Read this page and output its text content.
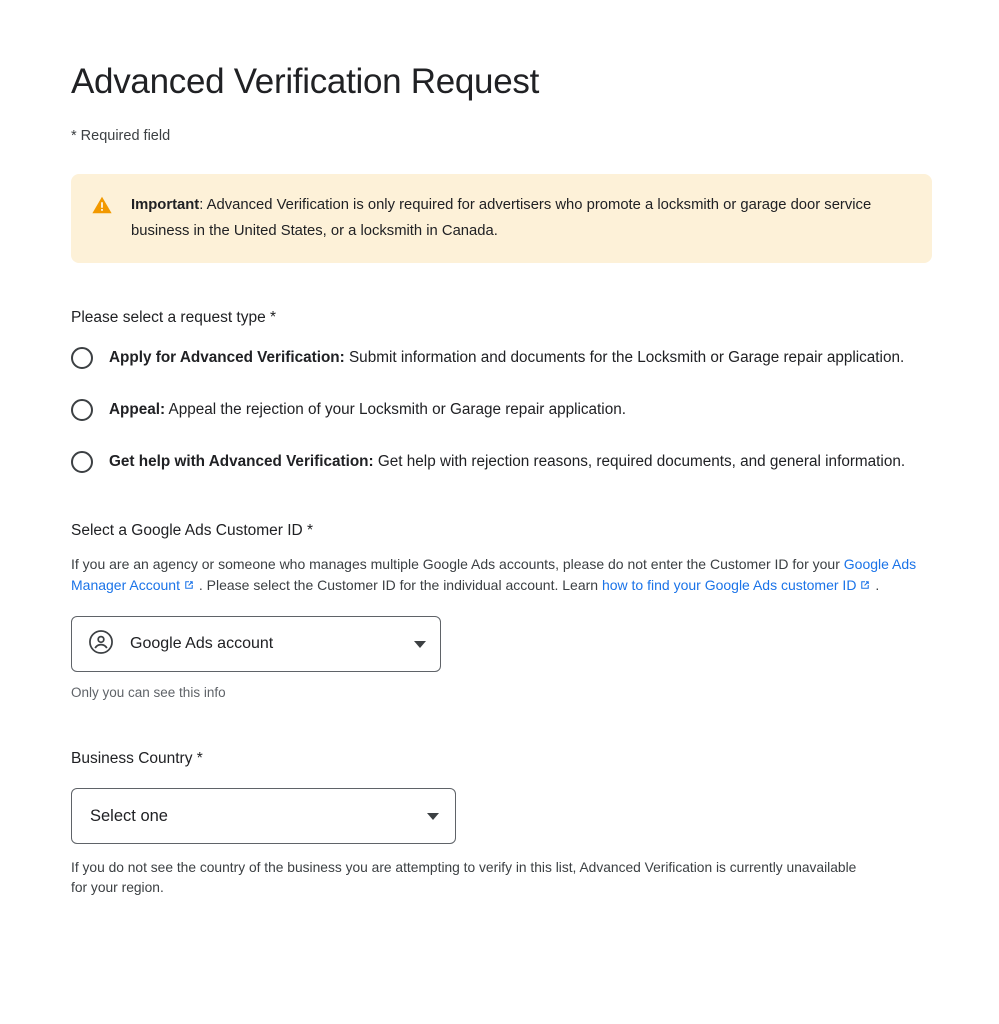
Advanced Verification Request
* Required field
Important: Advanced Verification is only required for advertisers who promote a locksmith or garage door service business in the United States, or a locksmith in Canada.
Please select a request type *
Apply for Advanced Verification: Submit information and documents for the Locksmith or Garage repair application.
Appeal: Appeal the rejection of your Locksmith or Garage repair application.
Get help with Advanced Verification: Get help with rejection reasons, required documents, and general information.
Select a Google Ads Customer ID *
If you are an agency or someone who manages multiple Google Ads accounts, please do not enter the Customer ID for your Google Ads Manager Account . Please select the Customer ID for the individual account. Learn how to find your Google Ads customer ID .
Google Ads account
Only you can see this info
Business Country *
Select one
If you do not see the country of the business you are attempting to verify in this list, Advanced Verification is currently unavailable for your region.
